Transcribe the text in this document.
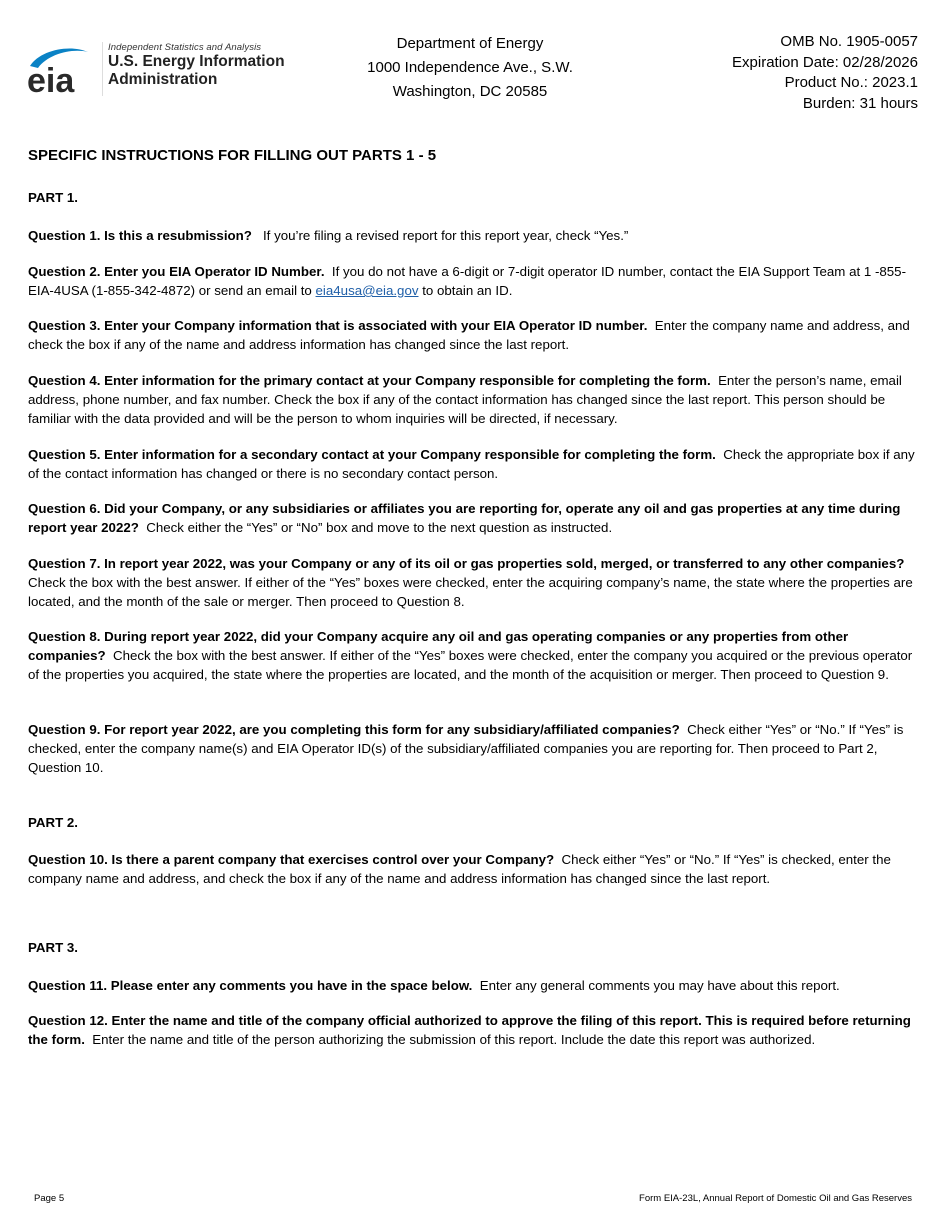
eia
Independent Statistics and Analysis
U.S. Energy Information
Administration
Department of Energy
1000 Independence Ave., S.W.
Washington, DC 20585
OMB No. 1905-0057
Expiration Date: 02/28/2026
Product No.: 2023.1
Burden: 31 hours
SPECIFIC INSTRUCTIONS FOR FILLING OUT PARTS 1 - 5
PART 1.
Question 1. Is this a resubmission? If you’re filing a revised report for this report year, check “Yes.”
Question 2. Enter you EIA Operator ID Number. If you do not have a 6-digit or 7-digit operator ID number, contact the EIA Support Team at 1 -855-EIA-4USA (1-855-342-4872) or send an email to eia4usa@eia.gov to obtain an ID.
Question 3. Enter your Company information that is associated with your EIA Operator ID number. Enter the company name and address, and check the box if any of the name and address information has changed since the last report.
Question 4. Enter information for the primary contact at your Company responsible for completing the form. Enter the person’s name, email address, phone number, and fax number. Check the box if any of the contact information has changed since the last report. This person should be familiar with the data provided and will be the person to whom inquiries will be directed, if necessary.
Question 5. Enter information for a secondary contact at your Company responsible for completing the form. Check the appropriate box if any of the contact information has changed or there is no secondary contact person.
Question 6. Did your Company, or any subsidiaries or affiliates you are reporting for, operate any oil and gas properties at any time during report year 2022? Check either the “Yes” or “No” box and move to the next question as instructed.
Question 7. In report year 2022, was your Company or any of its oil or gas properties sold, merged, or transferred to any other companies? Check the box with the best answer. If either of the “Yes” boxes were checked, enter the acquiring company’s name, the state where the properties are located, and the month of the sale or merger. Then proceed to Question 8.
Question 8. During report year 2022, did your Company acquire any oil and gas operating companies or any properties from other companies? Check the box with the best answer. If either of the “Yes” boxes were checked, enter the company you acquired or the previous operator of the properties you acquired, the state where the properties are located, and the month of the acquisition or merger. Then proceed to Question 9.
Question 9. For report year 2022, are you completing this form for any subsidiary/affiliated companies? Check either “Yes” or “No.” If “Yes” is checked, enter the company name(s) and EIA Operator ID(s) of the subsidiary/affiliated companies you are reporting for. Then proceed to Part 2, Question 10.
PART 2.
Question 10. Is there a parent company that exercises control over your Company? Check either “Yes” or “No.” If “Yes” is checked, enter the company name and address, and check the box if any of the name and address information has changed since the last report.
PART 3.
Question 11. Please enter any comments you have in the space below. Enter any general comments you may have about this report.
Question 12. Enter the name and title of the company official authorized to approve the filing of this report. This is required before returning the form. Enter the name and title of the person authorizing the submission of this report. Include the date this report was authorized.
Page 5	Form EIA-23L, Annual Report of Domestic Oil and Gas Reserves
